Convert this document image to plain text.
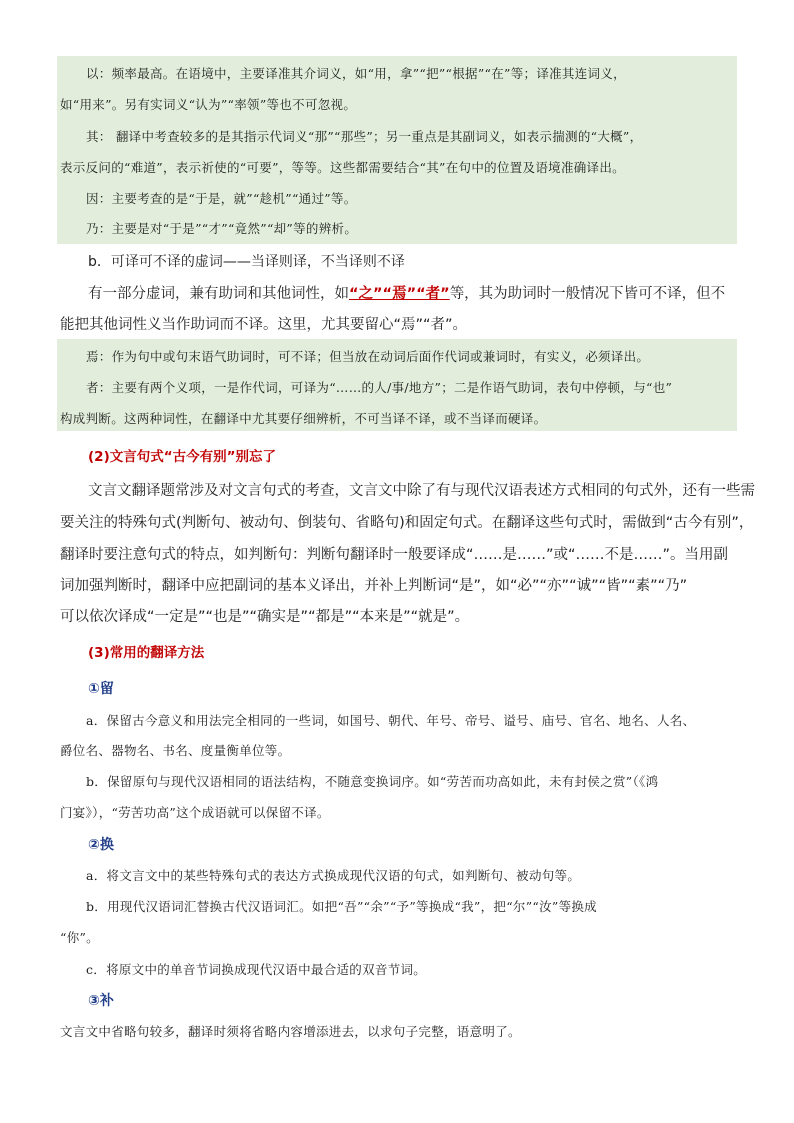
以：频率最高。在语境中，主要译准其介词义，如“用，拿”“把”“根据”“在”等；译准其连词义，
如“用来”。另有实词义“认为”“率领”等也不可忽视。
其： 翻译中考查较多的是其指示代词义“那”“那些”；另一重点是其副词义，如表示揣测的“大概”，
表示反问的“难道”，表示祈使的“可要”，等等。这些都需要结合“其”在句中的位置及语境准确译出。
因：主要考查的是“于是，就”“趁机”“通过”等。
乃：主要是对“于是”“才”“竟然”“却”等的辨析。
b．可译可不译的虚词——当译则译，不当译则不译
有一部分虚词，兼有助词和其他词性，如“之”“焉”“者”等，其为助词时一般情况下皆可不译，但不
能把其他词性义当作助词而不译。这里，尤其要留心“焉”“者”。
焉：作为句中或句末语气助词时，可不译；但当放在动词后面作代词或兼词时，有实义，必须译出。
者：主要有两个义项，一是作代词，可译为“……的人/事/地方”；二是作语气助词，表句中停顿，与“也”
构成判断。这两种词性，在翻译中尤其要仔细辨析，不可当译不译，或不当译而硬译。
(2)文言句式“古今有别”别忘了
文言文翻译题常涉及对文言句式的考查，文言文中除了有与现代汉语表述方式相同的句式外，还有一些需
要关注的特殊句式(判断句、被动句、倒装句、省略句)和固定句式。在翻译这些句式时，需做到“古今有别”，
翻译时要注意句式的特点，如判断句：判断句翻译时一般要译成“……是……”或“……不是……”。当用副
词加强判断时，翻译中应把副词的基本义译出，并补上判断词“是”，如“必”“亦”“诚”“皆”“素”“乃”
可以依次译成“一定是”“也是”“确实是”“都是”“本来是”“就是”。
(3)常用的翻译方法
①留
a．保留古今意义和用法完全相同的一些词，如国号、朝代、年号、帝号、谥号、庙号、官名、地名、人名、
爵位名、器物名、书名、度量衡单位等。
b．保留原句与现代汉语相同的语法结构，不随意变换词序。如“劳苦而功高如此，未有封侯之赏”（《鸿
门宴》），“劳苦功高”这个成语就可以保留不译。
②换
a．将文言文中的某些特殊句式的表达方式换成现代汉语的句式，如判断句、被动句等。
b．用现代汉语词汇替换古代汉语词汇。如把“吾”“余”“予”等换成“我”，把“尔”“汝”等换成
“你”。
c．将原文中的单音节词换成现代汉语中最合适的双音节词。
③补
文言文中省略句较多，翻译时须将省略内容增添进去，以求句子完整，语意明了。
